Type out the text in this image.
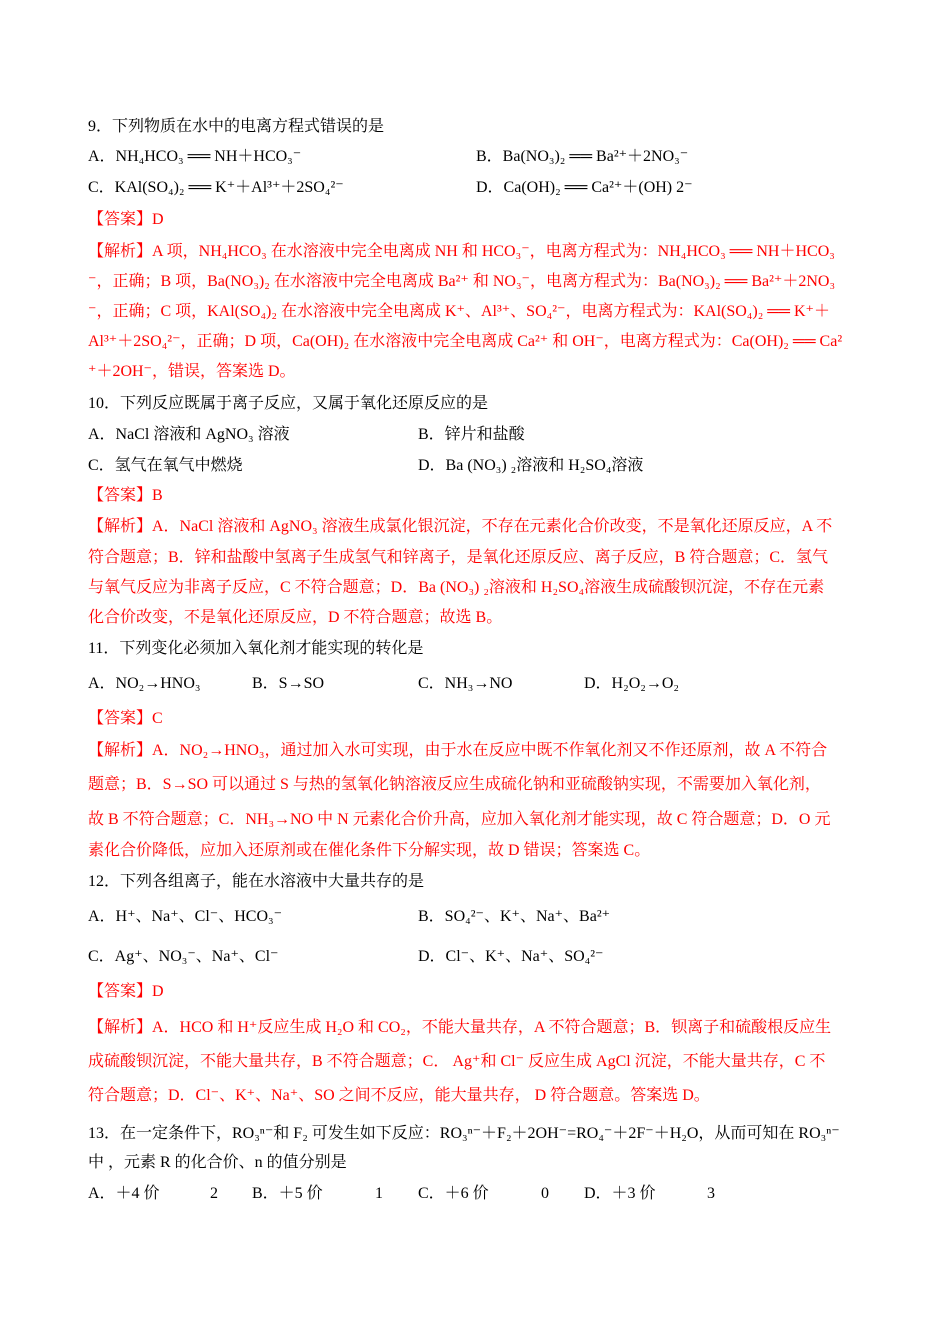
9．下列物质在水中的电离方程式错误的是
A．NH₄HCO₃ ══ NH＋HCO₃⁻	B．Ba(NO₃)₂ ══ Ba²⁺＋2NO₃⁻
C．KAl(SO₄)₂ ══ K⁺＋Al³⁺＋2SO₄²⁻	D．Ca(OH)₂ ══ Ca²⁺＋(OH) 2⁻
【答案】D
【解析】A 项，NH₄HCO₃ 在水溶液中完全电离成 NH 和 HCO₃⁻，电离方程式为：NH₄HCO₃ ══ NH＋HCO₃
⁻，正确；B 项，Ba(NO₃)₂ 在水溶液中完全电离成 Ba²⁺ 和 NO₃⁻，电离方程式为：Ba(NO₃)₂ ══ Ba²⁺＋2NO₃
⁻，正确；C 项，KAl(SO₄)₂ 在水溶液中完全电离成 K⁺、Al³⁺、SO₄²⁻，电离方程式为：KAl(SO₄)₂ ══ K⁺＋
Al³⁺＋2SO₄²⁻，正确；D 项，Ca(OH)₂ 在水溶液中完全电离成 Ca²⁺ 和 OH⁻，电离方程式为：Ca(OH)₂ ══ Ca²
⁺＋2OH⁻，错误，答案选 D。
10．下列反应既属于离子反应，又属于氧化还原反应的是
A．NaCl 溶液和 AgNO₃ 溶液	B．锌片和盐酸
C．氢气在氧气中燃烧	D．Ba (NO₃) ₂溶液和 H₂SO₄溶液
【答案】B
【解析】A．NaCl 溶液和 AgNO₃ 溶液生成氯化银沉淀，不存在元素化合价改变，不是氧化还原反应，A 不
符合题意；B．锌和盐酸中氢离子生成氢气和锌离子，是氧化还原反应、离子反应，B 符合题意；C．氢气
与氧气反应为非离子反应，C 不符合题意；D．Ba (NO₃) ₂溶液和 H₂SO₄溶液生成硫酸钡沉淀，不存在元素
化合价改变，不是氧化还原反应，D 不符合题意；故选 B。
11．下列变化必须加入氧化剂才能实现的转化是
A．NO₂→HNO₃	B．S→SO	C．NH₃→NO	D．H₂O₂→O₂
【答案】C
【解析】A．NO₂→HNO₃，通过加入水可实现，由于水在反应中既不作氧化剂又不作还原剂，故 A 不符合
题意；B．S→SO 可以通过 S 与热的氢氧化钠溶液反应生成硫化钠和亚硫酸钠实现，不需要加入氧化剂，
故 B 不符合题意；C．NH₃→NO 中 N 元素化合价升高，应加入氧化剂才能实现，故 C 符合题意；D．O 元
素化合价降低，应加入还原剂或在催化条件下分解实现，故 D 错误；答案选 C。
12．下列各组离子，能在水溶液中大量共存的是
A．H⁺、Na⁺、Cl⁻、HCO₃⁻	B．SO₄²⁻、K⁺、Na⁺、Ba²⁺
C．Ag⁺、NO₃⁻、Na⁺、Cl⁻	D．Cl⁻、K⁺、Na⁺、SO₄²⁻
【答案】D
【解析】A．HCO 和 H⁺反应生成 H₂O 和 CO₂，不能大量共存，A 不符合题意；B．钡离子和硫酸根反应生
成硫酸钡沉淀，不能大量共存，B 不符合题意；C． Ag⁺和 Cl⁻ 反应生成 AgCl 沉淀，不能大量共存，C 不
符合题意；D．Cl⁻、K⁺、Na⁺、SO 之间不反应，能大量共存， D 符合题意。答案选 D。
13．在一定条件下，RO₃ⁿ⁻和 F₂ 可发生如下反应：RO₃ⁿ⁻＋F₂＋2OH⁻=RO₄⁻＋2F⁻＋H₂O，从而可知在 RO₃ⁿ⁻
中 ，元素 R 的化合价、n 的值分别是
A．＋4 价	2 B．＋5 价	1 C．＋6 价	0 D．＋3 价	3
